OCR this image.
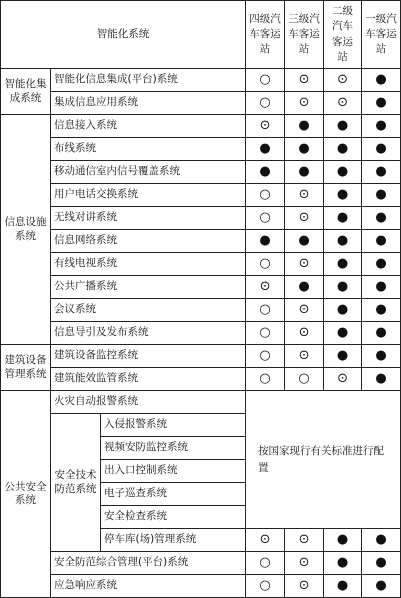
智能化系统			四级汽车客运站	三级汽车客运站	二级汽车客运站	一级汽车客运站
智能化集成系统	智能化信息集成(平台)系统		○	⊙	⊙	●
	集成信息应用系统		○	⊙	⊙	●
信息设施系统	信息接入系统		⊙	●	●	●
	布线系统		●	●	●	●
	移动通信室内信号覆盖系统		●	●	●	●
	用户电话交换系统		○	⊙	●	●
	无线对讲系统		○	⊙	●	●
	信息网络系统		●	●	●	●
	有线电视系统		○	⊙	●	●
	公共广播系统		⊙	●	●	●
	会议系统		○	⊙	●	●
	信息导引及发布系统		○	⊙	●	●
建筑设备管理系统	建筑设备监控系统		○	⊙	●	●
	建筑能效监管系统		○	○	⊙	●
公共安全系统	火灾自动报警系统		按国家现行有关标准进行配置			
	安全技术防范系统	入侵报警系统				
		视频安防监控系统				
		出入口控制系统				
		电子巡查系统				
		安全检查系统				
		停车库(场)管理系统	⊙	⊙	●	●
	安全防范综合管理(平台)系统		○	⊙	●	●
	应急响应系统		○	⊙	●	●
